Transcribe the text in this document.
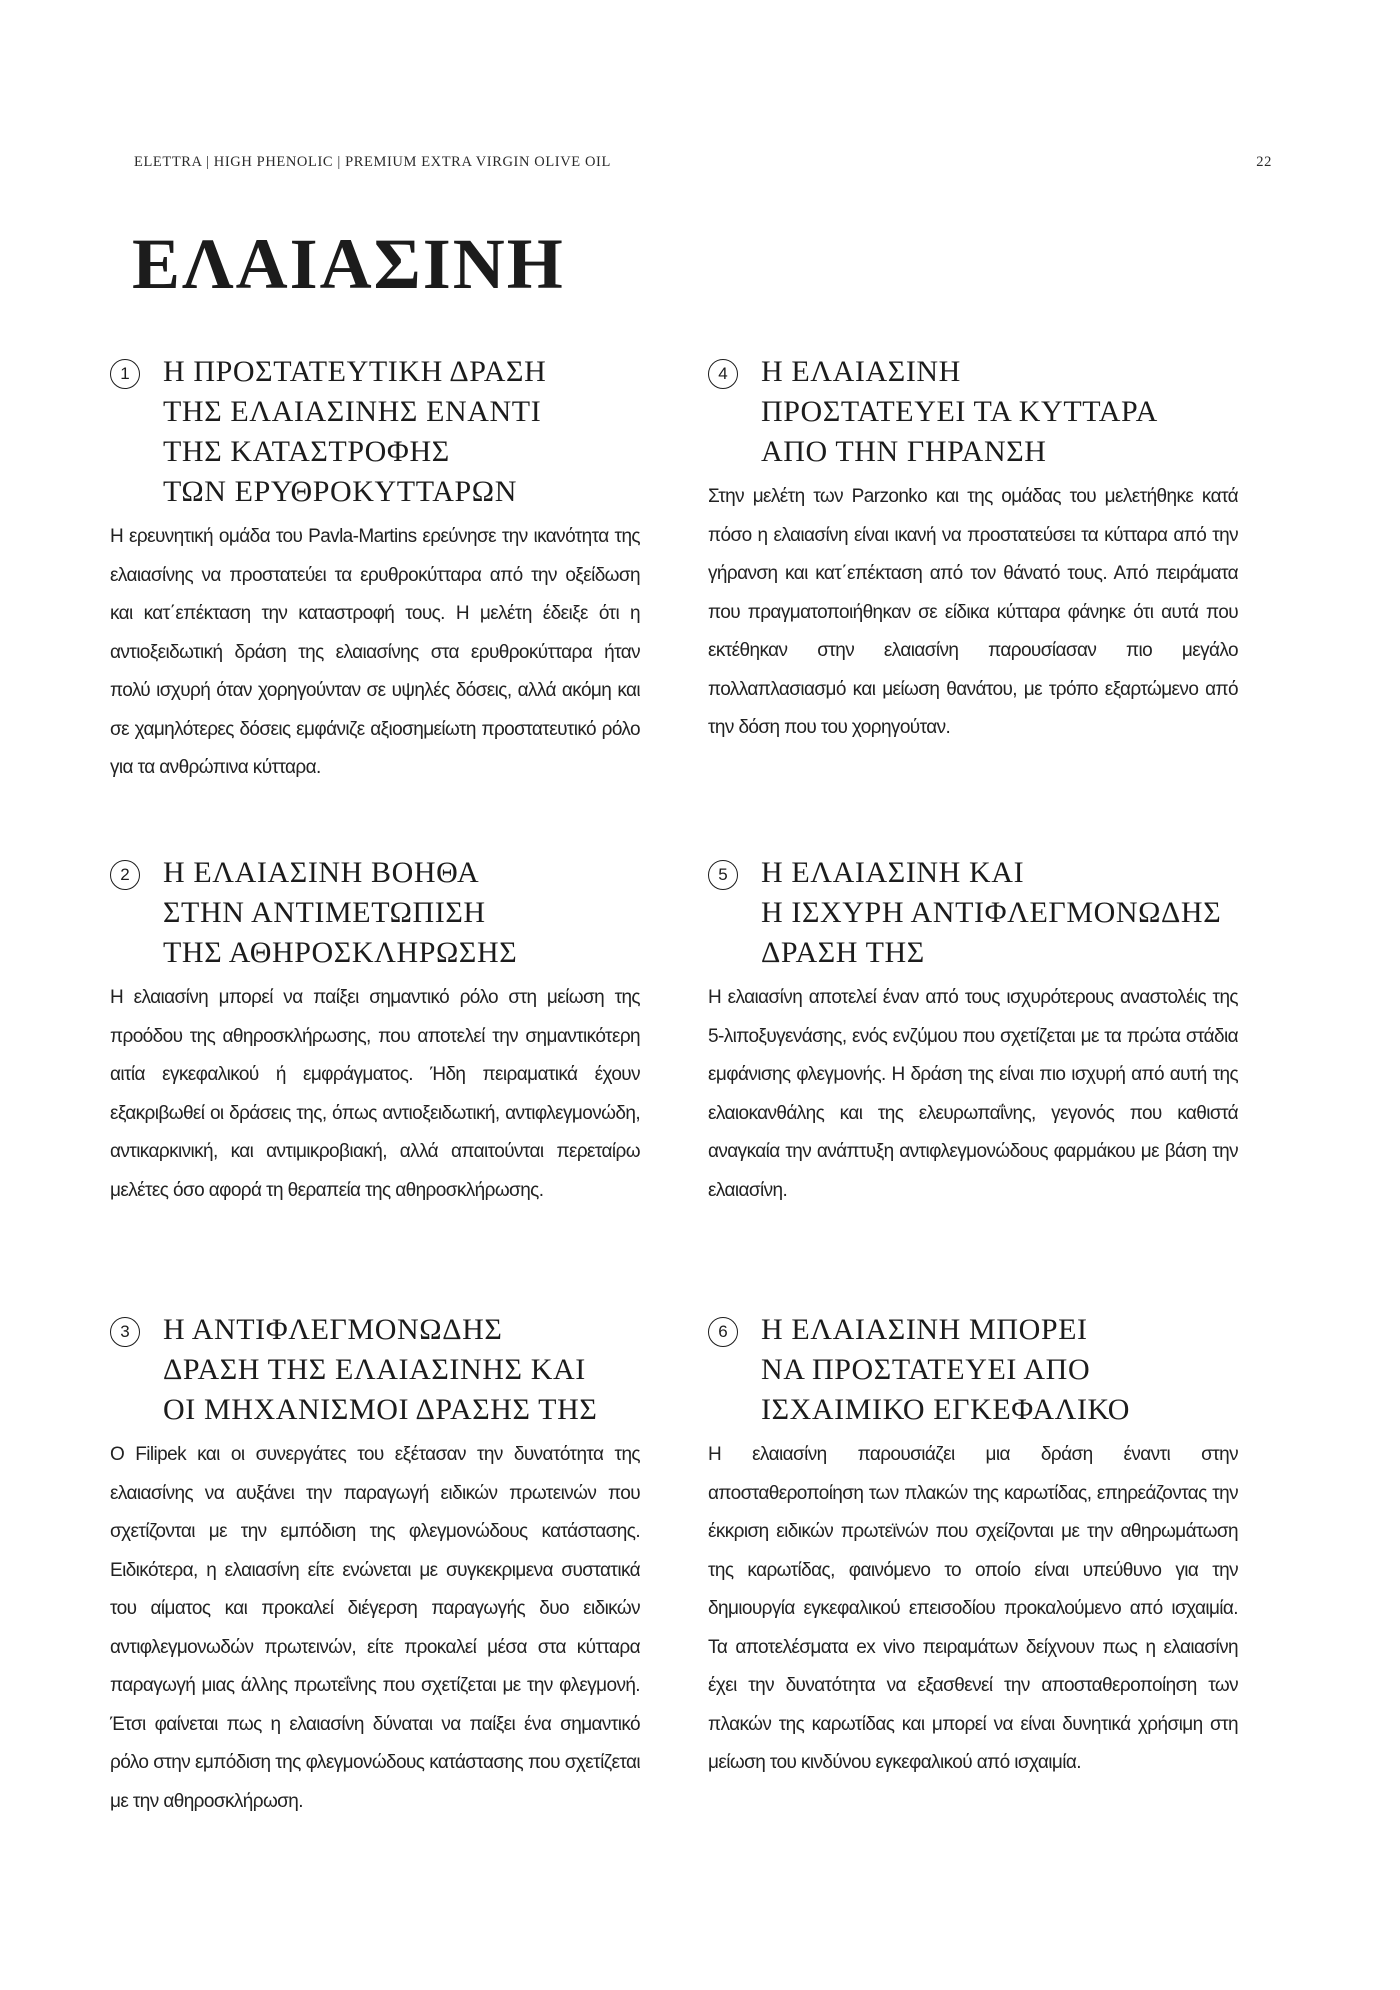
ELETTRA | HIGH PHENOLIC | PREMIUM EXTRA VIRGIN OLIVE OIL	22
ΕΛΑΙΑΣΙΝΗ
1	Η ΠΡΟΣΤΑΤΕΥΤΙΚΗ ΔΡΑΣΗ
ΤΗΣ ΕΛΑΙΑΣΙΝΗΣ ΕΝΑΝΤΙ
ΤΗΣ ΚΑΤΑΣΤΡΟΦΗΣ
ΤΩΝ ΕΡΥΘΡΟΚΥΤΤΑΡΩΝ

Η ερευνητική ομάδα του Pavla-Martins ερεύνησε την ικανότητα της ελαιασίνης να προστατεύει τα ερυθροκύτταρα από την οξείδωση και κατ΄επέκταση την καταστροφή τους. Η μελέτη έδειξε ότι η αντιοξειδωτική δράση της ελαιασίνης στα ερυθροκύτταρα ήταν πολύ ισχυρή όταν χορηγούνταν σε υψηλές δόσεις, αλλά ακόμη και σε χαμηλότερες δόσεις εμφάνιζε αξιοσημείωτη προστατευτικό ρόλο για τα ανθρώπινα κύτταρα.

4	Η ΕΛΑΙΑΣΙΝΗ
ΠΡΟΣΤΑΤΕΥΕΙ ΤΑ ΚΥΤΤΑΡΑ
ΑΠΟ ΤΗΝ ΓΗΡΑΝΣΗ

Στην μελέτη των Parzonko και της ομάδας του μελετήθηκε κατά πόσο η ελαιασίνη είναι ικανή να προστατεύσει τα κύτταρα από την γήρανση και κατ΄επέκταση από τον θάνατό τους. Από πειράματα που πραγματοποιήθηκαν σε είδικα κύτταρα φάνηκε ότι αυτά που εκτέθηκαν στην ελαιασίνη παρουσίασαν πιο μεγάλο πολλαπλασιασμό και μείωση θανάτου, με τρόπο εξαρτώμενο από την δόση που του χορηγούταν.

2	Η ΕΛΑΙΑΣΙΝΗ ΒΟΗΘΑ
ΣΤΗΝ ΑΝΤΙΜΕΤΩΠΙΣΗ
ΤΗΣ ΑΘΗΡΟΣΚΛΗΡΩΣΗΣ

Η ελαιασίνη μπορεί να παίξει σημαντικό ρόλο στη μείωση της προόδου της αθηροσκλήρωσης, που αποτελεί την σημαντικότερη αιτία εγκεφαλικού ή εμφράγματος. Ήδη πειραματικά έχουν εξακριβωθεί οι δράσεις της, όπως αντιοξειδωτική, αντιφλεγμονώδη, αντικαρκινική, και αντιμικροβιακή, αλλά απαιτούνται περεταίρω μελέτες όσο αφορά τη θεραπεία της αθηροσκλήρωσης.

5	Η ΕΛΑΙΑΣΙΝΗ ΚΑΙ
Η ΙΣΧΥΡΗ ΑΝΤΙΦΛΕΓΜΟΝΩΔΗΣ
ΔΡΑΣΗ ΤΗΣ

Η ελαιασίνη αποτελεί έναν από τους ισχυρότερους αναστολέις της 5-λιποξυγενάσης, ενός ενζύμου που σχετίζεται με τα πρώτα στάδια εμφάνισης φλεγμονής. Η δράση της είναι πιο ισχυρή από αυτή της ελαιοκανθάλης και της ελευρωπαΐνης, γεγονός που καθιστά αναγκαία την ανάπτυξη αντιφλεγμονώδους φαρμάκου με βάση την ελαιασίνη.

3	Η ΑΝΤΙΦΛΕΓΜΟΝΩΔΗΣ
ΔΡΑΣΗ ΤΗΣ ΕΛΑΙΑΣΙΝΗΣ ΚΑΙ
ΟΙ ΜΗΧΑΝΙΣΜΟΙ ΔΡΑΣΗΣ ΤΗΣ

Ο Filipek και οι συνεργάτες του εξέτασαν την δυνατότητα της ελαιασίνης να αυξάνει την παραγωγή ειδικών πρωτεινών που σχετίζονται με την εμπόδιση της φλεγμονώδους κατάστασης. Ειδικότερα, η ελαιασίνη είτε ενώνεται με συγκεκριμενα συστατικά του αίματος και προκαλεί διέγερση παραγωγής δυο ειδικών αντιφλεγμονωδών πρωτεινών, είτε προκαλεί μέσα στα κύτταρα παραγωγή μιας άλλης πρωτεΐνης που σχετίζεται με την φλεγμονή. Έτσι φαίνεται πως η ελαιασίνη δύναται να παίξει ένα σημαντικό ρόλο στην εμπόδιση της φλεγμονώδους κατάστασης που σχετίζεται με την αθηροσκλήρωση.

6	Η ΕΛΑΙΑΣΙΝΗ ΜΠΟΡΕΙ
ΝΑ ΠΡΟΣΤΑΤΕΥΕΙ ΑΠΟ
ΙΣΧΑΙΜΙΚΟ ΕΓΚΕΦΑΛΙΚΟ

Η ελαιασίνη παρουσιάζει μια δράση έναντι στην αποσταθεροποίηση των πλακών της καρωτίδας, επηρεάζοντας την έκκριση ειδικών πρωτεϊνών που σχείζονται με την αθηρωμάτωση της καρωτίδας, φαινόμενο το οποίο είναι υπεύθυνο για την δημιουργία εγκεφαλικού επεισοδίου προκαλούμενο από ισχαιμία. Τα αποτελέσματα ex vivo πειραμάτων δείχνουν πως η ελαιασίνη έχει την δυνατότητα να εξασθενεί την αποσταθεροποίηση των πλακών της καρωτίδας και μπορεί να είναι δυνητικά χρήσιμη στη μείωση του κινδύνου εγκεφαλικού από ισχαιμία.
